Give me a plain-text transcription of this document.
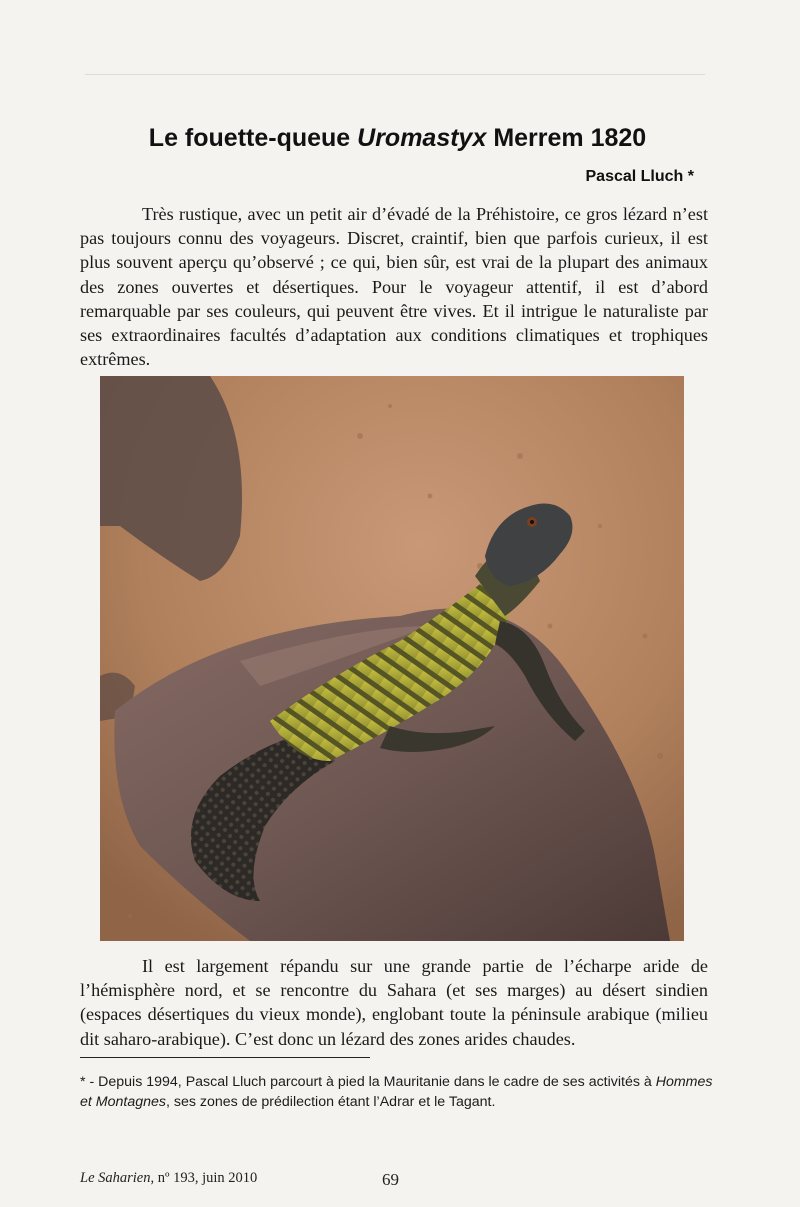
Le fouette-queue Uromastyx Merrem 1820
Pascal Lluch *

Très rustique, avec un petit air d’évadé de la Préhistoire, ce gros lézard n’est pas toujours connu des voyageurs. Discret, craintif, bien que parfois curieux, il est plus souvent aperçu qu’observé ; ce qui, bien sûr, est vrai de la plupart des animaux des zones ouvertes et désertiques. Pour le voyageur attentif, il est d’abord remarquable par ses couleurs, qui peuvent être vives. Et il intrigue le naturaliste par ses extraordinaires facultés d’adaptation aux conditions climatiques et trophiques extrêmes.

Il est largement répandu sur une grande partie de l’écharpe aride de l’hémisphère nord, et se rencontre du Sahara (et ses marges) au désert sindien (espaces désertiques du vieux monde), englobant toute la péninsule arabique (milieu dit saharo-arabique). C’est donc un lézard des zones arides chaudes.

* - Depuis 1994, Pascal Lluch parcourt à pied la Mauritanie dans le cadre de ses activités à Hommes et Montagnes, ses zones de prédilection étant l’Adrar et le Tagant.
Le Saharien, nº 193, juin 2010	69
